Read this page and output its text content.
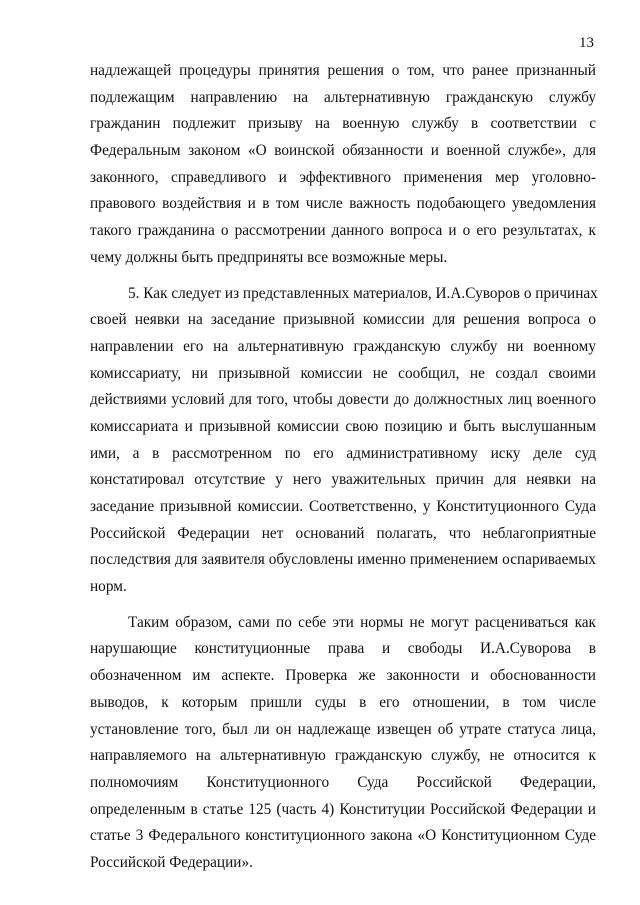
13
надлежащей процедуры принятия решения о том, что ранее признанный
подлежащим направлению на альтернативную гражданскую службу
гражданин подлежит призыву на военную службу в соответствии с
Федеральным законом «О воинской обязанности и военной службе», для
законного, справедливого и эффективного применения мер уголовно-
правового воздействия и в том числе важность подобающего уведомления
такого гражданина о рассмотрении данного вопроса и о его результатах, к
чему должны быть предприняты все возможные меры.
5. Как следует из представленных материалов, И.А.Суворов о причинах
своей неявки на заседание призывной комиссии для решения вопроса о
направлении его на альтернативную гражданскую службу ни военному
комиссариату, ни призывной комиссии не сообщил, не создал своими
действиями условий для того, чтобы довести до должностных лиц военного
комиссариата и призывной комиссии свою позицию и быть выслушанным
ими, а в рассмотренном по его административному иску деле суд
констатировал отсутствие у него уважительных причин для неявки на
заседание призывной комиссии. Соответственно, у Конституционного Суда
Российской Федерации нет оснований полагать, что неблагоприятные
последствия для заявителя обусловлены именно применением оспариваемых
норм.
Таким образом, сами по себе эти нормы не могут расцениваться как
нарушающие конституционные права и свободы И.А.Суворова в
обозначенном им аспекте. Проверка же законности и обоснованности
выводов, к которым пришли суды в его отношении, в том числе
установление того, был ли он надлежаще извещен об утрате статуса лица,
направляемого на альтернативную гражданскую службу, не относится к
полномочиям Конституционного Суда Российской Федерации,
определенным в статье 125 (часть 4) Конституции Российской Федерации и
статье 3 Федерального конституционного закона «О Конституционном Суде
Российской Федерации».
